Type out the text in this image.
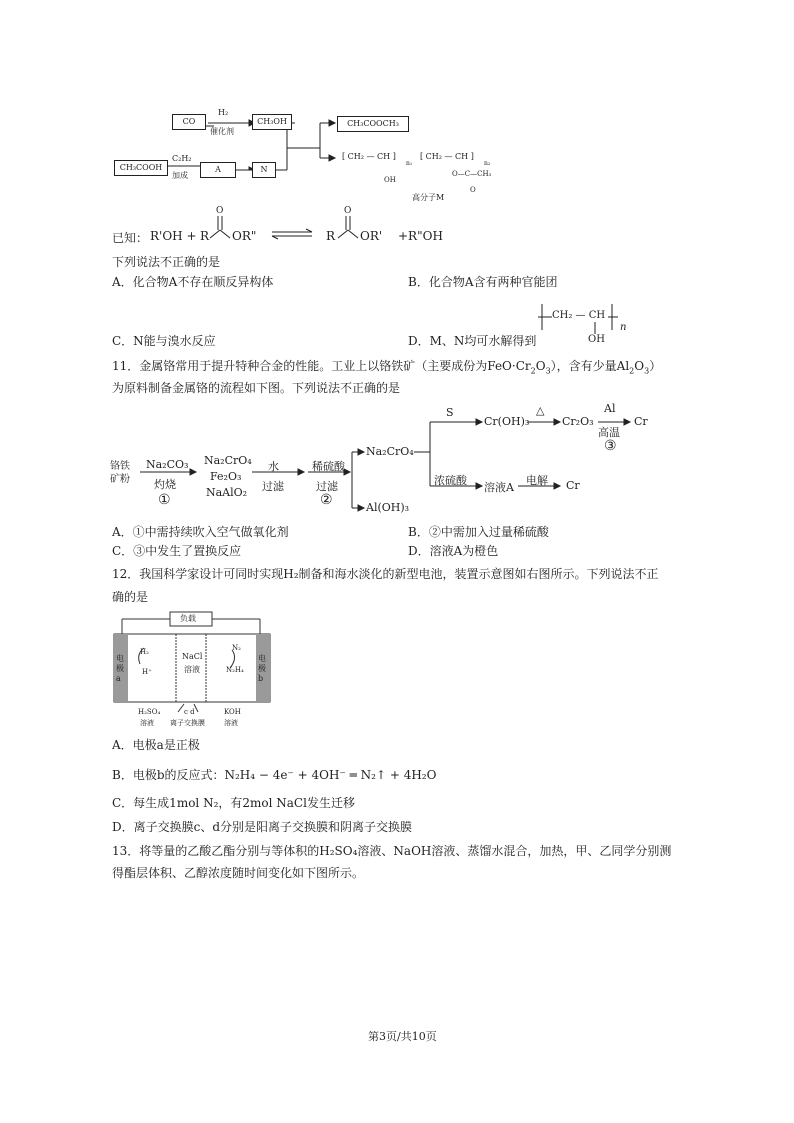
CO
H₂
催化剂
CH₃OH
CH₃COOH
C₂H₂
加成
A	N
CH₃COOCH₃
[ CH₂ — CH ]
n₁
OH
[ CH₂ — CH ]
n₂
O—C—CH₃
O
高分子M
已知： R'OH +
O
R OR"
O
R OR' +R"OH
下列说法不正确的是
A．化合物A不存在顺反异构体	B．化合物A含有两种官能团
C．N能与溴水反应	D．M、N均可水解得到
CH₂ — CH
OH
n
11．金属铬常用于提升特种合金的性能。工业上以铬铁矿（主要成份为$FeO\cdot Cr_2O_3$），含有少量$Al_2O_3$）
为原料制备金属铬的流程如下图。下列说法不正确的是
铬铁矿粉
Na₂CO₃
灼烧
①
Na₂CrO₄
Fe₂O₃
NaAlO₂
水
过滤
稀硫酸
过滤
②
Na₂CrO₄
Al(OH)₃
S
Cr(OH)₃
△
Cr₂O₃
Al
高温
③
Cr
浓硫酸
溶液A
电解 Cr
A．①中需持续吹入空气做氧化剂	B．②中需加入过量稀硫酸
C．③中发生了置换反应	D．溶液A为橙色
12．我国科学家设计可同时实现H₂制备和海水淡化的新型电池，装置示意图如右图所示。下列说法不正
确的是
负载
电极a
电极b
H₂
H⁺
NaCl
溶液
N₂
N₂H₄
H₂SO₄
溶液
c d
离子交换膜
KOH
溶液
A．电极a是正极
B．电极b的反应式：N₂H₄ − 4e⁻ + 4OH⁻ ═ N₂↑ + 4H₂O
C．每生成1mol N₂，有2mol NaCl发生迁移
D．离子交换膜c、d分别是阳离子交换膜和阴离子交换膜
13．将等量的乙酸乙酯分别与等体积的H₂SO₄溶液、NaOH溶液、蒸馏水混合，加热，甲、乙同学分别测
得酯层体积、乙醇浓度随时间变化如下图所示。
第3页/共10页
